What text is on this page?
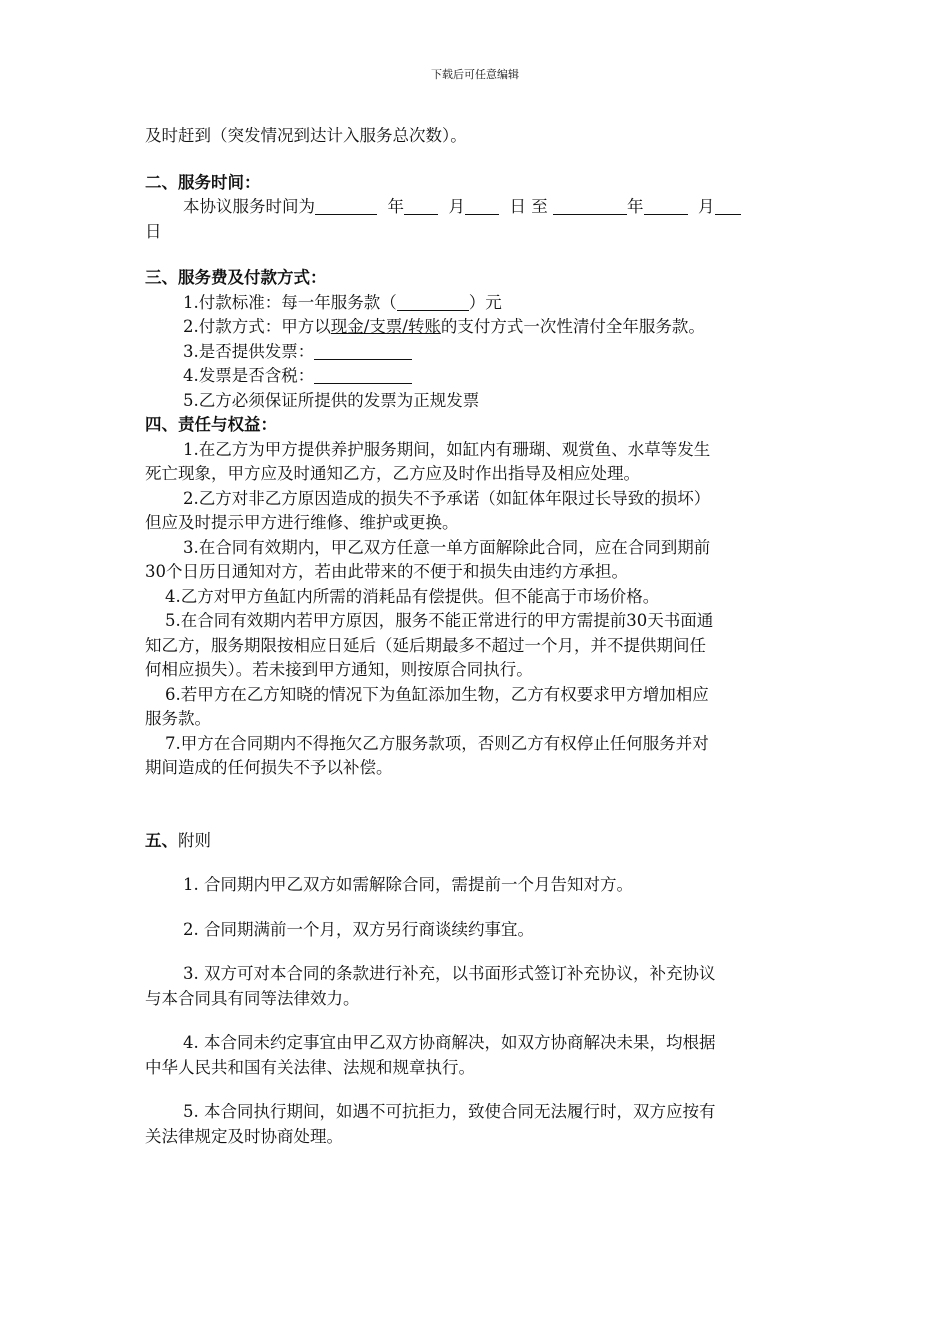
下载后可任意编辑

及时赶到（突发情况到达计入服务总次数）。

二、服务时间：

本协议服务时间为	年	月	日 至	年	月

日

三、服务费及付款方式：

1.付款标准：每一年服务款（	）元

2.付款方式：甲方以现金/支票/转账的支付方式一次性清付全年服务款。

3.是否提供发票：

4.发票是否含税：

5.乙方必须保证所提供的发票为正规发票

四、责任与权益：

1.在乙方为甲方提供养护服务期间，如缸内有珊瑚、观赏鱼、水草等发生

死亡现象，甲方应及时通知乙方，乙方应及时作出指导及相应处理。

2.乙方对非乙方原因造成的损失不予承诺（如缸体年限过长导致的损坏）

但应及时提示甲方进行维修、维护或更换。

3.在合同有效期内，甲乙双方任意一单方面解除此合同，应在合同到期前

30个日历日通知对方，若由此带来的不便于和损失由违约方承担。

4.乙方对甲方鱼缸内所需的消耗品有偿提供。但不能高于市场价格。

5.在合同有效期内若甲方原因，服务不能正常进行的甲方需提前30天书面通

知乙方，服务期限按相应日延后（延后期最多不超过一个月，并不提供期间任

何相应损失）。若未接到甲方通知，则按原合同执行。

6.若甲方在乙方知晓的情况下为鱼缸添加生物，乙方有权要求甲方增加相应

服务款。

7.甲方在合同期内不得拖欠乙方服务款项，否则乙方有权停止任何服务并对

期间造成的任何损失不予以补偿。

五、附则

1. 合同期内甲乙双方如需解除合同，需提前一个月告知对方。

2. 合同期满前一个月，双方另行商谈续约事宜。

3. 双方可对本合同的条款进行补充，以书面形式签订补充协议，补充协议

与本合同具有同等法律效力。

4. 本合同未约定事宜由甲乙双方协商解决，如双方协商解决未果，均根据

中华人民共和国有关法律、法规和规章执行。

5. 本合同执行期间，如遇不可抗拒力，致使合同无法履行时，双方应按有

关法律规定及时协商处理。
